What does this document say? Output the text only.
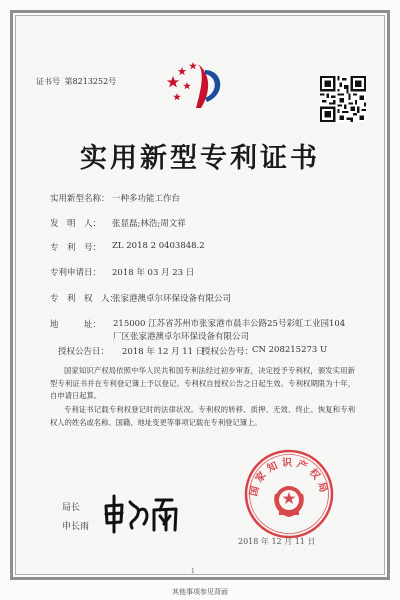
证书号 第8213252号
实用新型专利证书
实用新型名称： 一种多功能工作台
发　明　人： 张显磊;林浩;周文祥
专　利　号： ZL 2018 2 0403848.2
专利申请日： 2018 年 03 月 23 日
专　利　权　人：
张家港澳卓尔环保设备有限公司
地　　　址： 215000 江苏省苏州市张家港市晨丰公路25号彩虹工业园104厂区张家港澳卓尔环保设备有限公司
授权公告日： 2018 年 12 月 11 日
授权公告号：
CN 208215273 U
国家知识产权局依照中华人民共和国专利法经过初步审查，决定授予专利权，颁发实用新型专利证书并在专利登记簿上予以登记。专利权自授权公告之日起生效。专利权期限为十年，自申请日起算。
专利证书记载专利权登记时的法律状况。专利权的转移、质押、无效、终止、恢复和专利权人的姓名或名称、国籍、地址变更等事项记载在专利登记簿上。
局长
申长雨
国家知识产权局
2018 年 12 月 11 日
1
其他事项参见背面
